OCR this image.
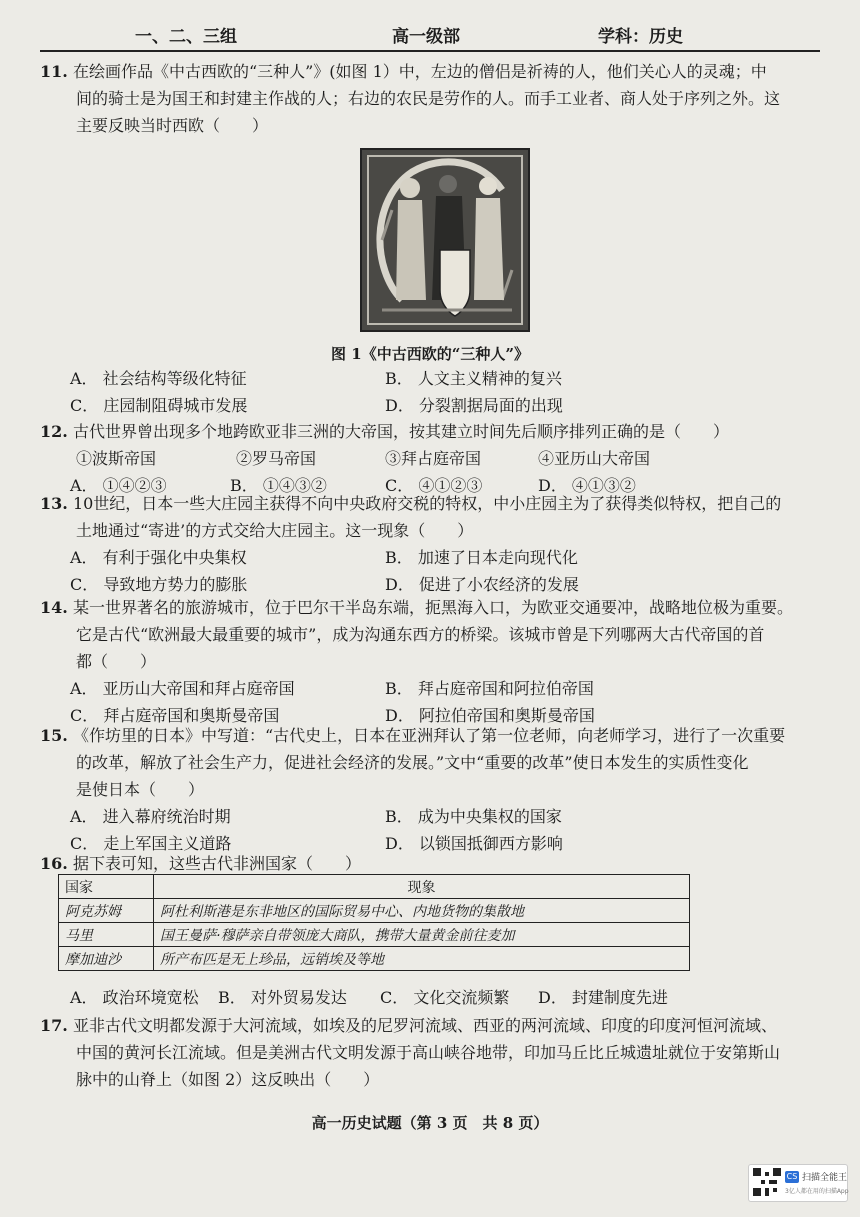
一、二、三组	高一级部	学科：历史
11. 在绘画作品《中古西欧的“三种人”》(如图 1）中，左边的僧侣是祈祷的人，他们关心人的灵魂；中
间的骑士是为国王和封建主作战的人；右边的农民是劳作的人。而手工业者、商人处于序列之外。这
主要反映当时西欧（　　）
图 1《中古西欧的“三种人”》
A． 社会结构等级化特征	B． 人文主义精神的复兴
C． 庄园制阻碍城市发展	D． 分裂割据局面的出现
12. 古代世界曾出现多个地跨欧亚非三洲的大帝国，按其建立时间先后顺序排列正确的是（　　）
①波斯帝国	②罗马帝国	③拜占庭帝国	④亚历山大帝国
A． ①④②③	B． ①④③②	C． ④①②③	D． ④①③②
13. 10世纪，日本一些大庄园主获得不向中央政府交税的特权，中小庄园主为了获得类似特权，把自己的
土地通过“寄进’的方式交给大庄园主。这一现象（　　）
A． 有利于强化中央集权	B． 加速了日本走向现代化
C． 导致地方势力的膨胀	D． 促进了小农经济的发展
14. 某一世界著名的旅游城市，位于巴尔干半岛东端，扼黑海入口，为欧亚交通要冲，战略地位极为重要。
它是古代“欧洲最大最重要的城市”，成为沟通东西方的桥梁。该城市曾是下列哪两大古代帝国的首
都（　　）
A． 亚历山大帝国和拜占庭帝国	B． 拜占庭帝国和阿拉伯帝国
C． 拜占庭帝国和奥斯曼帝国	D． 阿拉伯帝国和奥斯曼帝国
15. 《作坊里的日本》中写道：“古代史上，日本在亚洲拜认了第一位老师，向老师学习，进行了一次重要
的改革，解放了社会生产力，促进社会经济的发展。”文中“重要的改革”使日本发生的实质性变化
是使日本（　　）
A． 进入幕府统治时期	B． 成为中央集权的国家
C． 走上军国主义道路	D． 以锁国抵御西方影响
16. 据下表可知，这些古代非洲国家（　　）
国家	现象
阿克苏姆	阿杜利斯港是东非地区的国际贸易中心、内地货物的集散地
马里	国王曼萨·穆萨亲自带领庞大商队，携带大量黄金前往麦加
摩加迪沙	所产布匹是无上珍品，远销埃及等地
A． 政治环境宽松 B． 对外贸易发达 C． 文化交流频繁 D． 封建制度先进
17. 亚非古代文明都发源于大河流域，如埃及的尼罗河流域、西亚的两河流域、印度的印度河恒河流域、
中国的黄河长江流域。但是美洲古代文明发源于高山峡谷地带，印加马丘比丘城遗址就位于安第斯山
脉中的山脊上（如图 2）这反映出（　　）
高一历史试题（第 3 页　共 8 页）
CS 扫描全能王
3亿人都在用的扫描App
